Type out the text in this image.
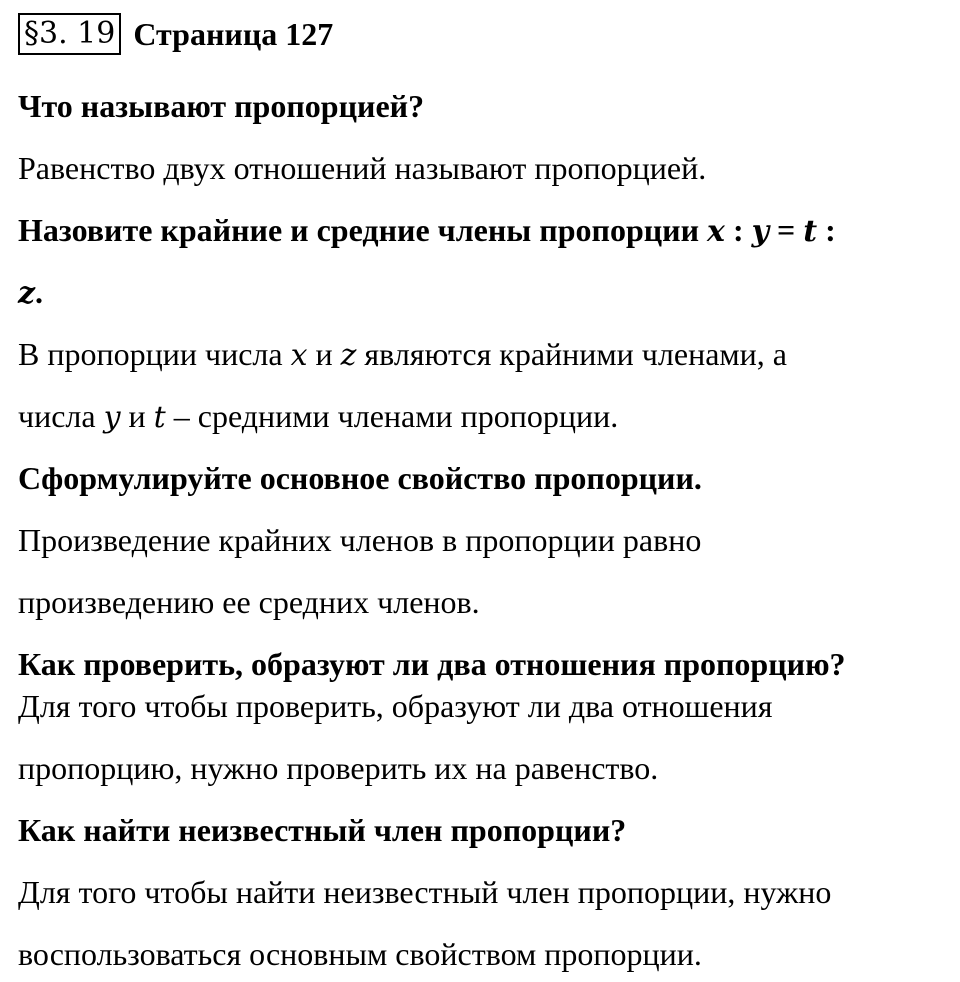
§3. 19 Страница 127
Что называют пропорцией?
Равенство двух отношений называют пропорцией.
Назовите крайние и средние члены пропорции x : y = t :
z.
В пропорции числа x и z являются крайними членами, а
числа y и t – средними членами пропорции.
Сформулируйте основное свойство пропорции.
Произведение крайних членов в пропорции равно
произведению ее средних членов.
Как проверить, образуют ли два отношения пропорцию?
Для того чтобы проверить, образуют ли два отношения
пропорцию, нужно проверить их на равенство.
Как найти неизвестный член пропорции?
Для того чтобы найти неизвестный член пропорции, нужно
воспользоваться основным свойством пропорции.
